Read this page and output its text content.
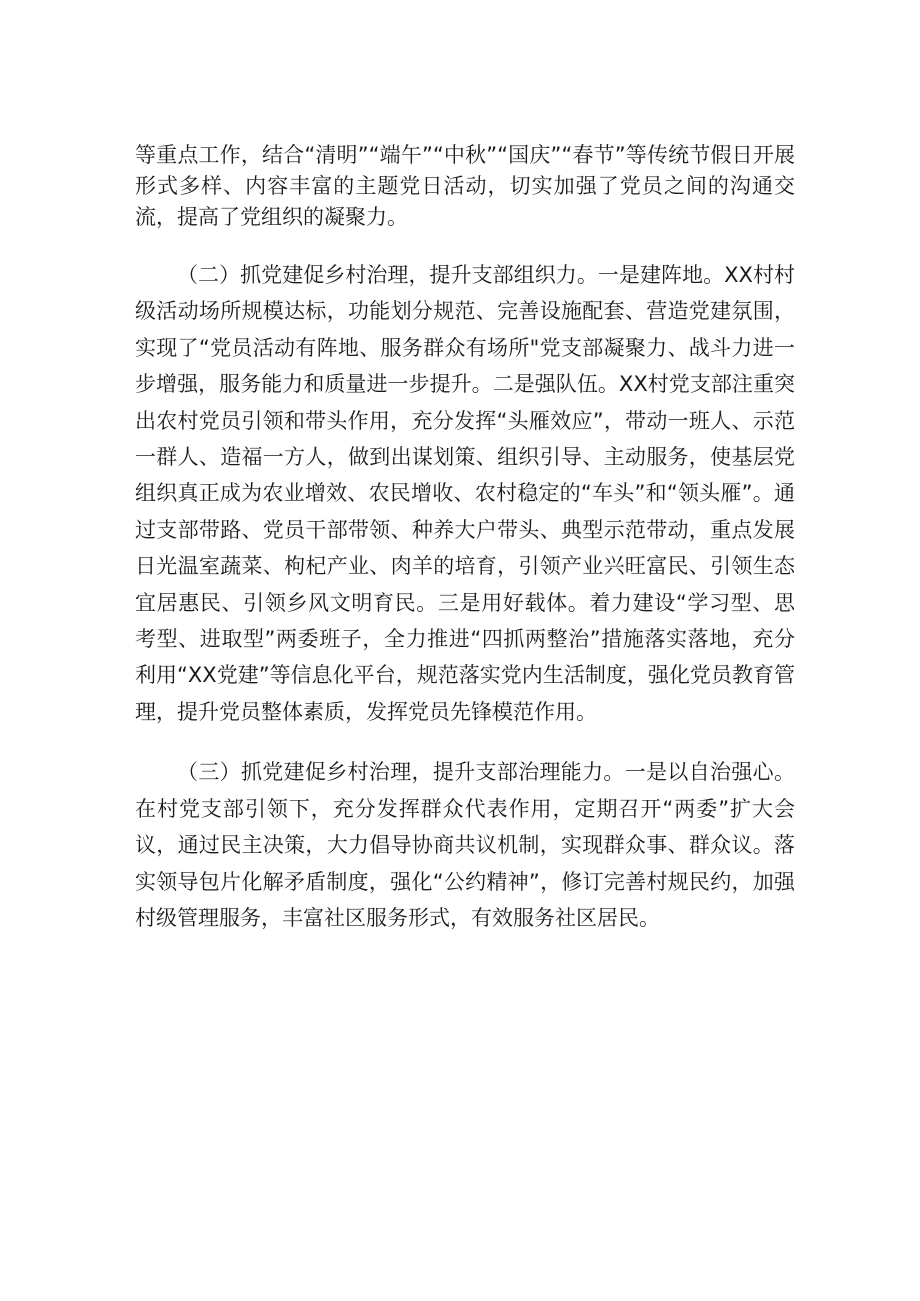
等重点工作，结合“清明”“端午”“中秋”“国庆”“春节”等传统节假日开展形式多样、内容丰富的主题党日活动，切实加强了党员之间的沟通交流，提高了党组织的凝聚力。

（二）抓党建促乡村治理，提升支部组织力。一是建阵地。XX村村级活动场所规模达标，功能划分规范、完善设施配套、营造党建氛围，实现了“党员活动有阵地、服务群众有场所"党支部凝聚力、战斗力进一步增强，服务能力和质量进一步提升。二是强队伍。XX村党支部注重突出农村党员引领和带头作用，充分发挥“头雁效应”，带动一班人、示范一群人、造福一方人，做到出谋划策、组织引导、主动服务，使基层党组织真正成为农业增效、农民增收、农村稳定的“车头”和“领头雁”。通过支部带路、党员干部带领、种养大户带头、典型示范带动，重点发展日光温室蔬菜、枸杞产业、肉羊的培育，引领产业兴旺富民、引领生态宜居惠民、引领乡风文明育民。三是用好载体。着力建设“学习型、思考型、进取型”两委班子，全力推进“四抓两整治”措施落实落地，充分利用“XX党建”等信息化平台，规范落实党内生活制度，强化党员教育管理，提升党员整体素质，发挥党员先锋模范作用。

（三）抓党建促乡村治理，提升支部治理能力。一是以自治强心。在村党支部引领下，充分发挥群众代表作用，定期召开“两委”扩大会议，通过民主决策，大力倡导协商共议机制，实现群众事、群众议。落实领导包片化解矛盾制度，强化“公约精神”，修订完善村规民约，加强村级管理服务，丰富社区服务形式，有效服务社区居民。
